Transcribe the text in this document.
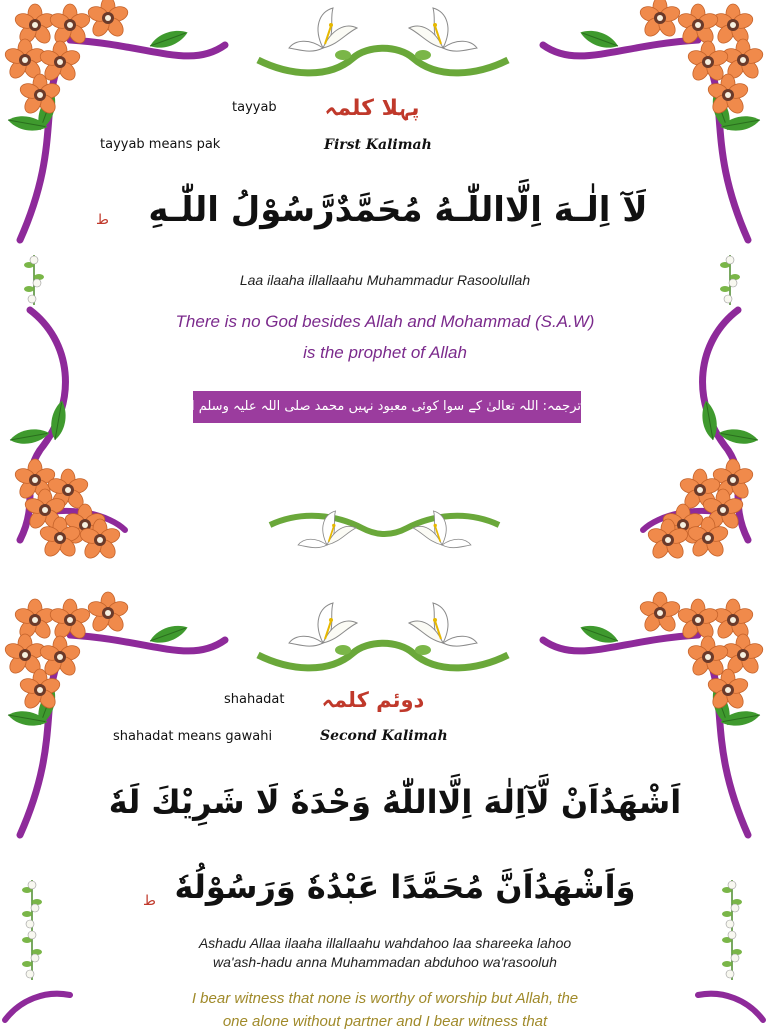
tayyab
tayyab means pak
پہلا کلمہ
First Kalimah
ط	لَآ اِلٰـهَ اِلَّااللّٰـهُ مُحَمَّدٌرَّسُوْلُ اللّٰـهِ
Laa ilaaha illallaahu Muhammadur Rasoolullah
There is no God besides Allah and Mohammad (S.A.W)
is the prophet of Allah
ترجمہ: اللہ تعالیٰ کے سوا کوئی معبود نہیں محمد صلی اللہ علیہ وسلم اللہ کے رسول ہیں۔
shahadat
shahadat means gawahi
دوئم کلمہ
Second Kalimah
اَشْهَدُاَنْ لَّآاِلٰهَ اِلَّااللّٰهُ وَحْدَهٗ لَا شَرِيْكَ لَهٗ
ط وَاَشْهَدُاَنَّ مُحَمَّدًا عَبْدُهٗ وَرَسُوْلُهٗ
Ashadu Allaa ilaaha illallaahu wahdahoo laa shareeka lahoo
wa'ash-hadu anna Muhammadan abduhoo wa'rasooluh
I bear witness that none is worthy of worship but Allah, the
one alone without partner and I bear witness that
